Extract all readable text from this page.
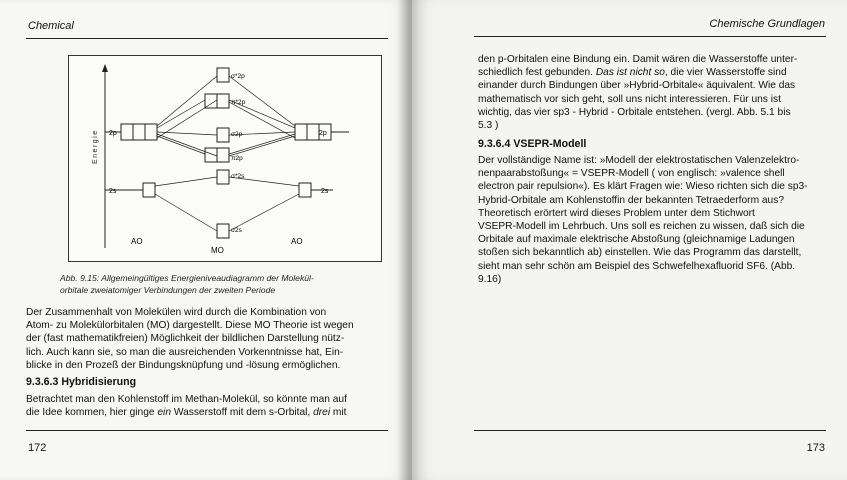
Chemical
Energie 2p	2p
σ*2p
π*2p
σ2p
π2p
2s	2s
σ*2s
σ2s
AO
MO
AO
Abb. 9.15: Allgemeingültiges Energieniveaudiagramm der Molekül-
orbitale zweiatomiger Verbindungen der zweiten Periode
Der Zusammenhalt von Molekülen wird durch die Kombination von
Atom- zu Molekülorbitalen (MO) dargestellt. Diese MO Theorie ist wegen
der (fast mathematikfreien) Möglichkeit der bildlichen Darstellung nütz-
lich. Auch kann sie, so man die ausreichenden Vorkenntnisse hat, Ein-
blicke in den Prozeß der Bindungsknüpfung und -lösung ermöglichen.
9.3.6.3 Hybridisierung
Betrachtet man den Kohlenstoff im Methan-Molekül, so könnte man auf
die Idee kommen, hier ginge ein Wasserstoff mit dem s-Orbital, drei mit
172
Chemische Grundlagen
den p-Orbitalen eine Bindung ein. Damit wären die Wasserstoffe unter-
schiedlich fest gebunden. Das ist nicht so, die vier Wasserstoffe sind
einander durch Bindungen über »Hybrid-Orbitale« äquivalent. Wie das
mathematisch vor sich geht, soll uns nicht interessieren. Für uns ist
wichtig, das vier sp3 - Hybrid - Orbitale entstehen. (vergl. Abb. 5.1 bis
5.3 )
9.3.6.4 VSEPR-Modell
Der vollständige Name ist: »Modell der elektrostatischen Valenzelektro-
nenpaarabstoßung« = VSEPR-Modell ( von englisch: »valence shell
electron pair repulsion«). Es klärt Fragen wie: Wieso richten sich die sp3-
Hybrid-Orbitale am Kohlenstoffin der bekannten Tetraederform aus?
Theoretisch erörtert wird dieses Problem unter dem Stichwort
VSEPR-Modell im Lehrbuch. Uns soll es reichen zu wissen, daß sich die
Orbitale auf maximale elektrische Abstoßung (gleichnamige Ladungen
stoßen sich bekanntlich ab) einstellen. Wie das Programm das darstellt,
sieht man sehr schön am Beispiel des Schwefelhexafluorid SF6. (Abb.
9.16)
173
